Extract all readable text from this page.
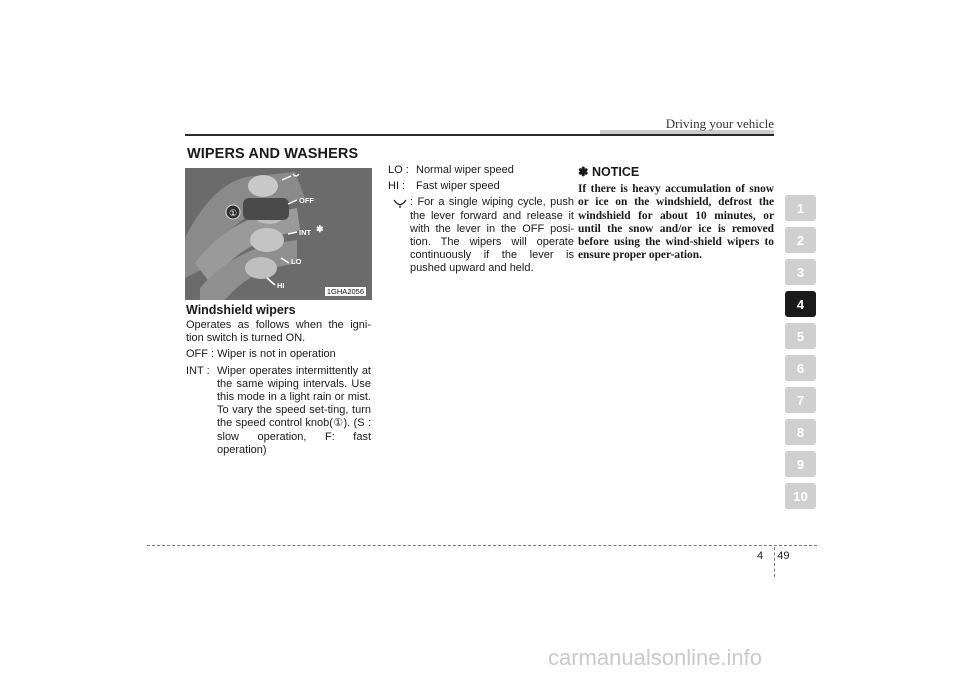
Driving your vehicle
WIPERS AND WASHERS
①
OFF
INT ✱
LO
HI
1GHA2056
Windshield wipers
Operates as follows when the igni-tion switch is turned ON.
OFF : Wiper is not in operation
INT : Wiper operates intermittently at the same wiping intervals. Use this mode in a light rain or mist. To vary the speed set-ting, turn the speed control knob(①). (S : slow operation, F: fast operation)
LO : Normal wiper speed
HI : Fast wiper speed
: For a single wiping cycle, push the lever forward and release it with the lever in the OFF posi-tion. The wipers will operate continuously if the lever is pushed upward and held.
✽ NOTICE
If there is heavy accumulation of snow or ice on the windshield, defrost the windshield for about 10 minutes, or until the snow and/or ice is removed before using the wind-shield wipers to ensure proper oper-ation.
1
2
3
4
5
6
7
8
9
10
4 49
carmanualsonline.info
